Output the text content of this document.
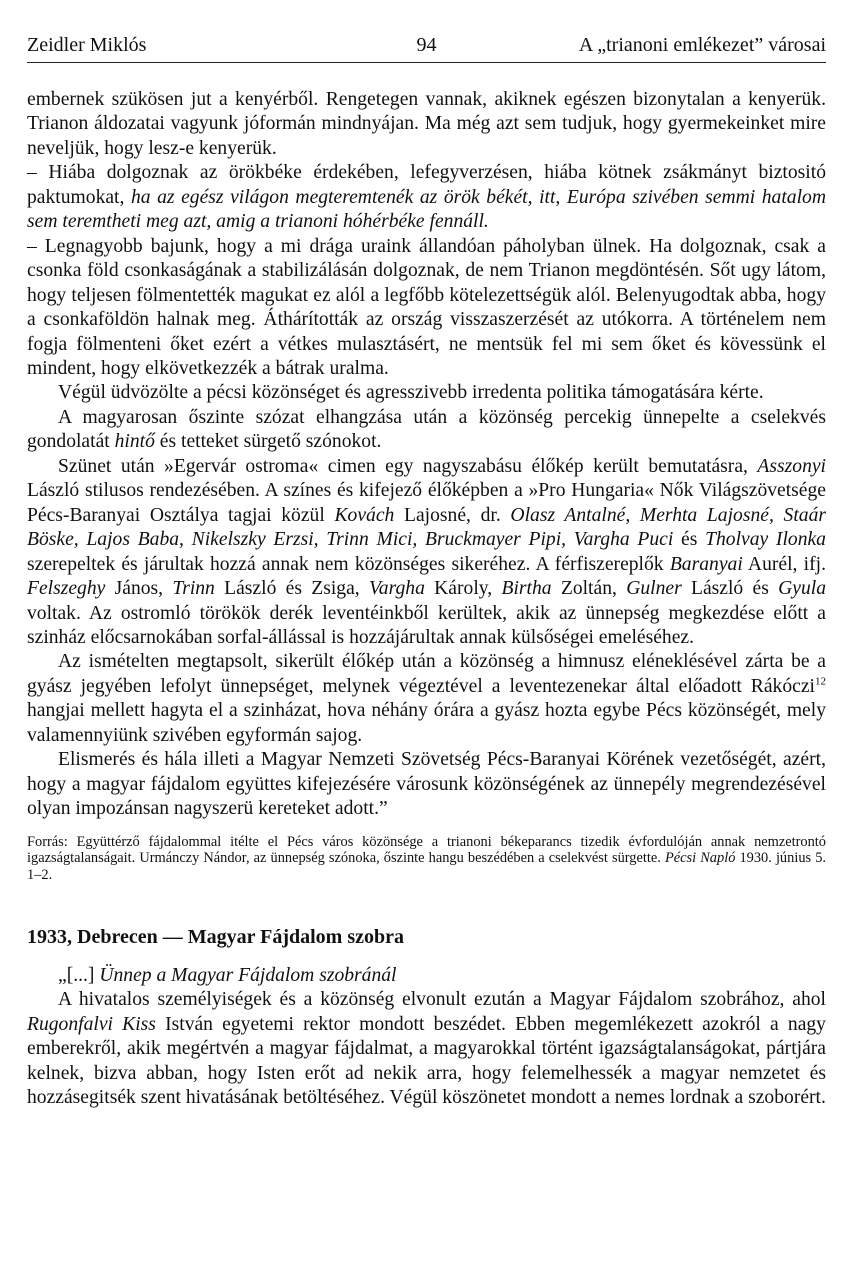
Zeidler Miklós	94	A „trianoni emlékezet” városai

embernek szükösen jut a kenyérből. Rengetegen vannak, akiknek egészen bizonytalan a kenyerük. Trianon áldozatai vagyunk jóformán mindnyájan. Ma még azt sem tudjuk, hogy gyermekeinket mire neveljük, hogy lesz-e kenyerük.

– Hiába dolgoznak az örökbéke érdekében, lefegyverzésen, hiába kötnek zsákmányt biztositó paktumokat, ha az egész világon megteremtenék az örök békét, itt, Európa szivében semmi hatalom sem teremtheti meg azt, amig a trianoni hóhérbéke fennáll.

– Legnagyobb bajunk, hogy a mi drága uraink állandóan páholyban ülnek. Ha dolgoznak, csak a csonka föld csonkaságának a stabilizálásán dolgoznak, de nem Trianon megdöntésén. Sőt ugy látom, hogy teljesen fölmentették magukat ez alól a legfőbb kötelezettségük alól. Belenyugodtak abba, hogy a csonkaföldön halnak meg. Áthárították az ország visszaszerzését az utókorra. A történelem nem fogja fölmenteni őket ezért a vétkes mulasztásért, ne mentsük fel mi sem őket és kövessünk el mindent, hogy elkövetkezzék a bátrak uralma.

Végül üdvözölte a pécsi közönséget és agresszivebb irredenta politika támogatására kérte.

A magyarosan őszinte szózat elhangzása után a közönség percekig ünnepelte a cselekvés gondolatát hintő és tetteket sürgető szónokot.

Szünet után »Egervár ostroma« cimen egy nagyszabásu élőkép került bemutatásra, Asszonyi László stilusos rendezésében. A színes és kifejező élőképben a »Pro Hungaria« Nők Világszövetsége Pécs-Baranyai Osztálya tagjai közül Kovách Lajosné, dr. Olasz Antalné, Merhta Lajosné, Staár Böske, Lajos Baba, Nikelszky Erzsi, Trinn Mici, Bruckmayer Pipi, Vargha Puci és Tholvay Ilonka szerepeltek és járultak hozzá annak nem közönséges sikeréhez. A férfiszereplők Baranyai Aurél, ifj. Felszeghy János, Trinn László és Zsiga, Vargha Károly, Birtha Zoltán, Gulner László és Gyula voltak. Az ostromló törökök derék leventéinkből kerültek, akik az ünnepség megkezdése előtt a szinház előcsarnokában sorfal-állással is hozzájárultak annak külsőségei emeléséhez.

Az ismételten megtapsolt, sikerült élőkép után a közönség a himnusz eléneklésével zárta be a gyász jegyében lefolyt ünnepséget, melynek végeztével a leventezenekar által előadott Rákóczi$^{12}$ hangjai mellett hagyta el a szinházat, hova néhány órára a gyász hozta egybe Pécs közönségét, mely valamennyiünk szivében egyformán sajog.

Elismerés és hála illeti a Magyar Nemzeti Szövetség Pécs-Baranyai Körének vezetőségét, azért, hogy a magyar fájdalom együttes kifejezésére városunk közönségének az ünnepély megrendezésével olyan impozánsan nagyszerü kereteket adott.”

Forrás: Együttérző fájdalommal itélte el Pécs város közönsége a trianoni békeparancs tizedik évfordulóján annak nemzetrontó igazságtalanságait. Urmánczy Nándor, az ünnepség szónoka, őszinte hangu beszédében a cselekvést sürgette. Pécsi Napló 1930. június 5. 1–2.

1933, Debrecen — Magyar Fájdalom szobra

„[...] Ünnep a Magyar Fájdalom szobránál

A hivatalos személyiségek és a közönség elvonult ezután a Magyar Fájdalom szobrához, ahol Rugonfalvi Kiss István egyetemi rektor mondott beszédet. Ebben megemlékezett azokról a nagy emberekről, akik megértvén a magyar fájdalmat, a magyarokkal történt igazságtalanságokat, pártjára kelnek, bizva abban, hogy Isten erőt ad nekik arra, hogy felemelhessék a magyar nemzetet és hozzásegitsék szent hivatásának betöltéséhez. Végül köszönetet mondott a nemes lordnak a szoborért.
